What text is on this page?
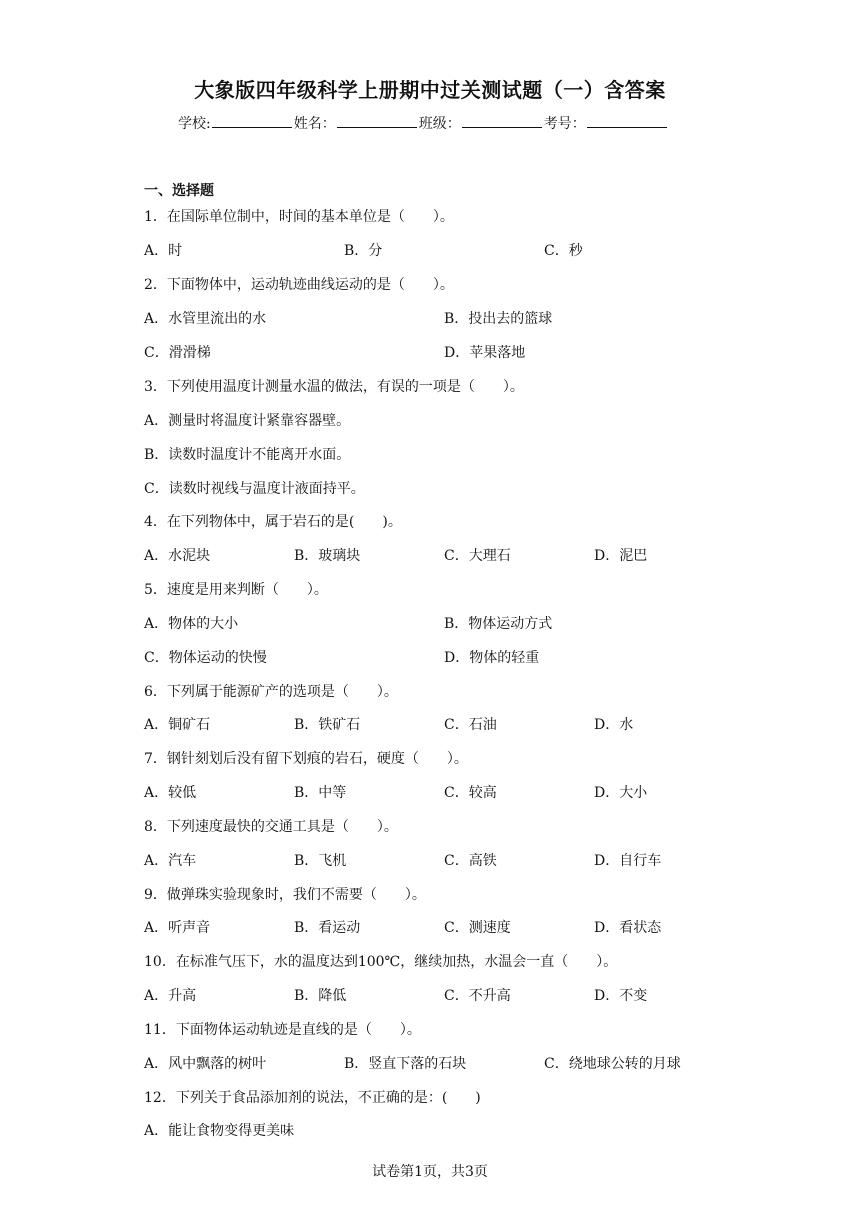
大象版四年级科学上册期中过关测试题（一）含答案
学校:	姓名：	班级：	考号：
一、选择题
1．在国际单位制中，时间的基本单位是（　　）。
A．时	B．分	C．秒
2．下面物体中，运动轨迹曲线运动的是（　　）。
A．水管里流出的水	B．投出去的篮球
C．滑滑梯	D．苹果落地
3．下列使用温度计测量水温的做法，有误的一项是（　　）。
A．测量时将温度计紧靠容器壁。
B．读数时温度计不能离开水面。
C．读数时视线与温度计液面持平。
4．在下列物体中，属于岩石的是(　　)。
A．水泥块	B．玻璃块	C．大理石	D．泥巴
5．速度是用来判断（　　）。
A．物体的大小	B．物体运动方式
C．物体运动的快慢	D．物体的轻重
6．下列属于能源矿产的选项是（　　）。
A．铜矿石	B．铁矿石	C．石油	D．水
7．钢针刻划后没有留下划痕的岩石，硬度（　　）。
A．较低	B．中等	C．较高	D．大小
8．下列速度最快的交通工具是（　　）。
A．汽车	B．飞机	C．高铁	D．自行车
9．做弹珠实验现象时，我们不需要（　　）。
A．听声音	B．看运动	C．测速度	D．看状态
10．在标准气压下，水的温度达到100℃，继续加热，水温会一直（　　）。
A．升高	B．降低	C．不升高	D．不变
11．下面物体运动轨迹是直线的是（　　）。
A．风中飘落的树叶	B．竖直下落的石块	C．绕地球公转的月球
12．下列关于食品添加剂的说法，不正确的是：(　　)
A．能让食物变得更美味
试卷第1页，共3页
